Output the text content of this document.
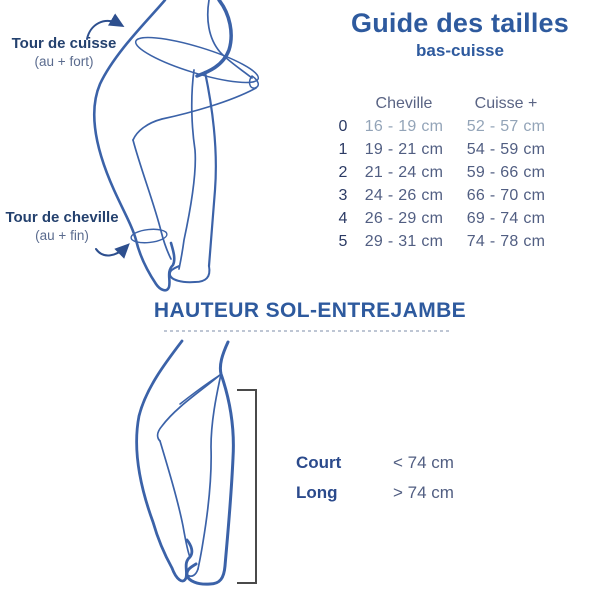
Tour de cuisse
(au + fort)
Tour de cheville
(au + fin)
Guide des tailles
bas-cuisse
Cheville	Cuisse +
0	16 - 19 cm	52 - 57 cm
1	19 - 21 cm	54 - 59 cm
2	21 - 24 cm	59 - 66 cm
3	24 - 26 cm	66 - 70 cm
4	26 - 29 cm	69 - 74 cm
5	29 - 31 cm	74 - 78 cm
HAUTEUR SOL-ENTREJAMBE
Court	< 74 cm
Long	> 74 cm
